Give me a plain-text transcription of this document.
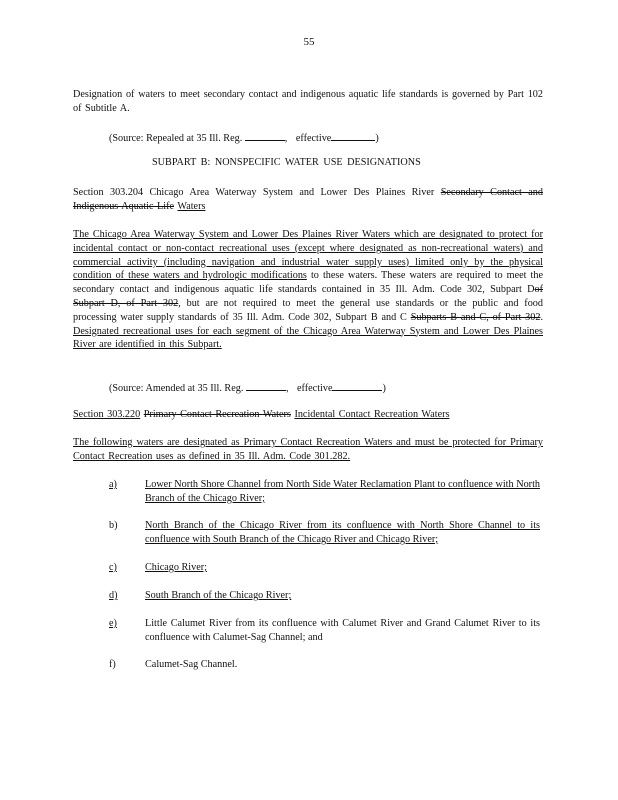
55
Designation of waters to meet secondary contact and indigenous aquatic life standards is governed by Part 102 of Subtitle A.
(Source: Repealed at 35 Ill. Reg.	, effective	)
SUBPART B: NONSPECIFIC WATER USE DESIGNATIONS
Section 303.204 Chicago Area Waterway System and Lower Des Plaines River Secondary Contact and Indigenous Aquatic Life Waters
The Chicago Area Waterway System and Lower Des Plaines River Waters which are designated to protect for incidental contact or non-contact recreational uses (except where designated as non-recreational waters) and commercial activity (including navigation and industrial water supply uses) limited only by the physical condition of these waters and hydrologic modifications to these waters. These waters are required to meet the secondary contact and indigenous aquatic life standards contained in 35 Ill. Adm. Code 302, Subpart Dof Subpart D, of Part 302, but are not required to meet the general use standards or the public and food processing water supply standards of 35 Ill. Adm. Code 302, Subpart B and C Subparts B and C, of Part 302. Designated recreational uses for each segment of the Chicago Area Waterway System and Lower Des Plaines River are identified in this Subpart.
(Source: Amended at 35 Ill. Reg.	, effective	)
Section 303.220 Primary Contact Recreation Waters Incidental Contact Recreation Waters
The following waters are designated as Primary Contact Recreation Waters and must be protected for Primary Contact Recreation uses as defined in 35 Ill. Adm. Code 301.282.
a)	Lower North Shore Channel from North Side Water Reclamation Plant to confluence with North Branch of the Chicago River;
b)	North Branch of the Chicago River from its confluence with North Shore Channel to its confluence with South Branch of the Chicago River and Chicago River;
c)	Chicago River;
d)	South Branch of the Chicago River;
e)	Little Calumet River from its confluence with Calumet River and Grand Calumet River to its confluence with Calumet-Sag Channel; and
f)	Calumet-Sag Channel.
